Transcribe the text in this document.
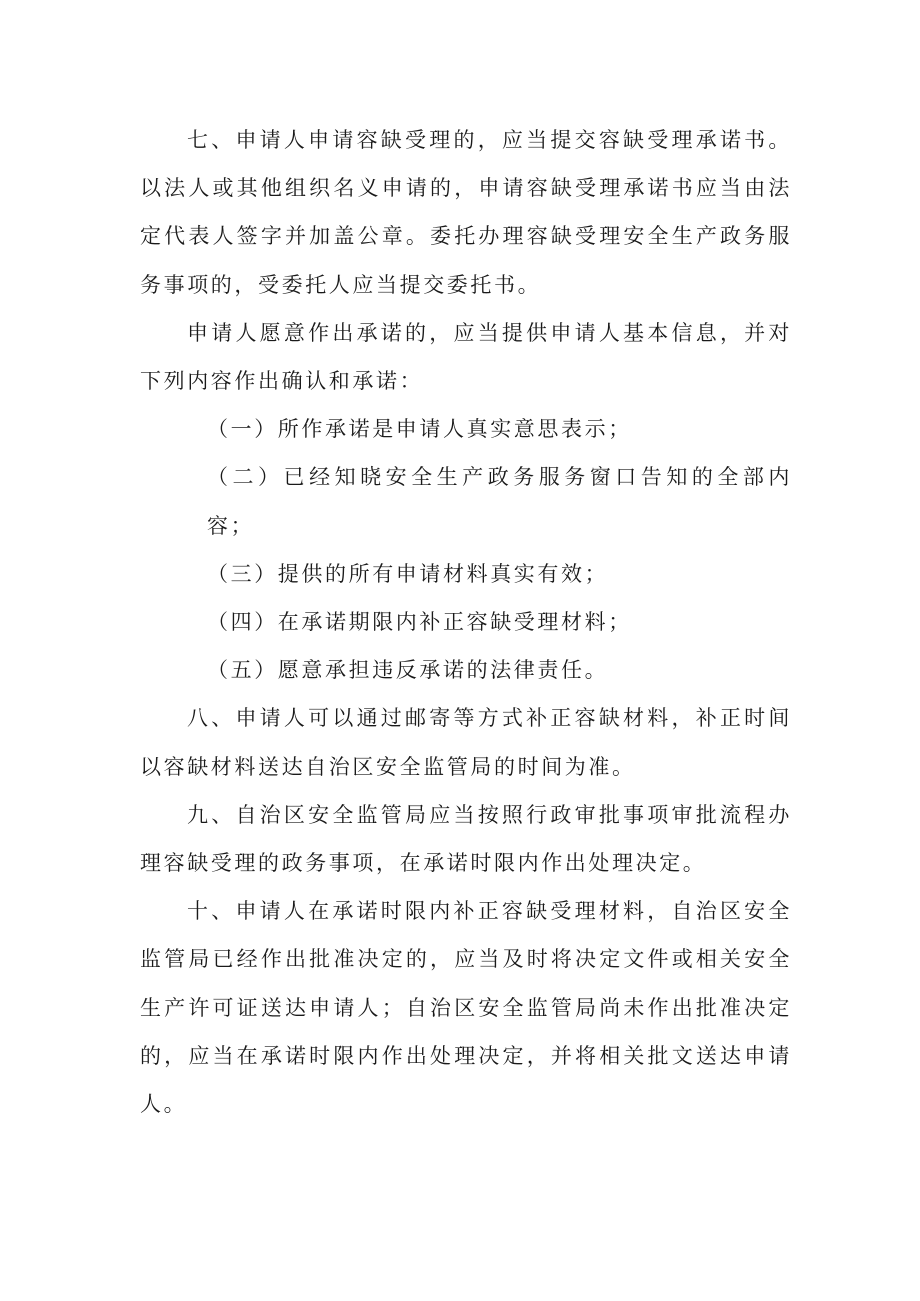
七、申请人申请容缺受理的，应当提交容缺受理承诺书。以法人或其他组织名义申请的，申请容缺受理承诺书应当由法定代表人签字并加盖公章。委托办理容缺受理安全生产政务服务事项的，受委托人应当提交委托书。

申请人愿意作出承诺的，应当提供申请人基本信息，并对下列内容作出确认和承诺：

（一）所作承诺是申请人真实意思表示；

（二）已经知晓安全生产政务服务窗口告知的全部内容；

（三）提供的所有申请材料真实有效；

（四）在承诺期限内补正容缺受理材料；

（五）愿意承担违反承诺的法律责任。

八、申请人可以通过邮寄等方式补正容缺材料，补正时间以容缺材料送达自治区安全监管局的时间为准。

九、自治区安全监管局应当按照行政审批事项审批流程办理容缺受理的政务事项，在承诺时限内作出处理决定。

十、申请人在承诺时限内补正容缺受理材料，自治区安全监管局已经作出批准决定的，应当及时将决定文件或相关安全生产许可证送达申请人；自治区安全监管局尚未作出批准决定的，应当在承诺时限内作出处理决定，并将相关批文送达申请人。
